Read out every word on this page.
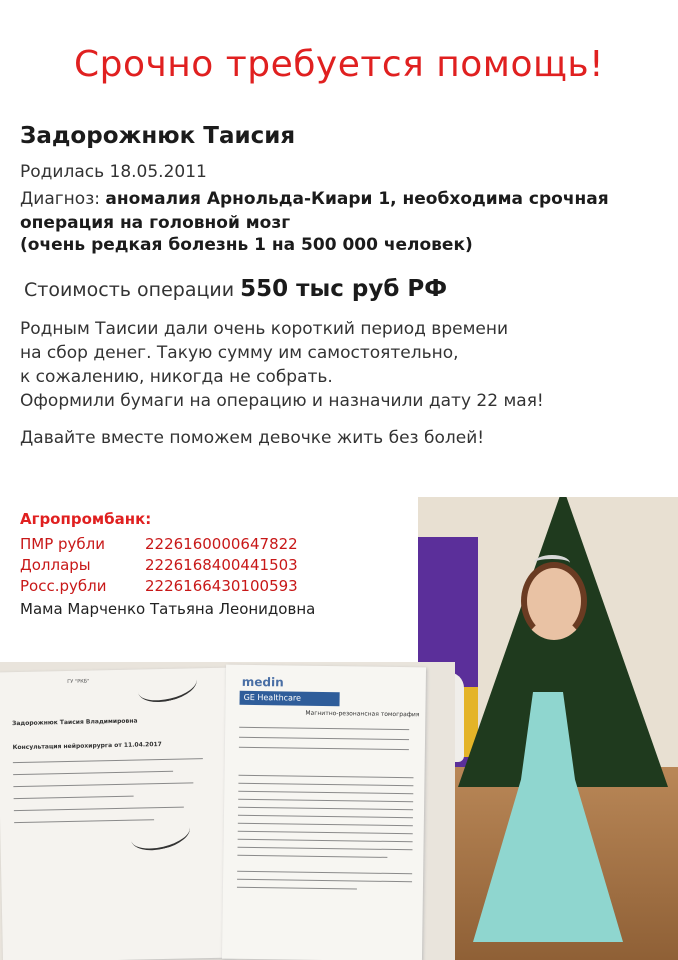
Срочно требуется помощь!
Задорожнюк Таисия
Родилась 18.05.2011
Диагноз: аномалия Арнольда-Киари 1, необходима срочная
операция на головной мозг
(очень редкая болезнь 1 на 500 000 человек)
Стоимость операции 550 тыс руб РФ
Родным Таисии дали очень короткий период времени
на сбор денег. Такую сумму им самостоятельно,
к сожалению, никогда не собрать.
Оформили бумаги на операцию и назначили дату 22 мая!
Давайте вместе поможем девочке жить без болей!
Агропромбанк:
ПМР рубли	2226160000647822
Доллары	2226168400441503
Росс.рубли	2226166430100593
Мама Марченко Татьяна Леонидовна
ГУ "РКБ"
Задорожнюк Таисия Владимировна
Консультация нейрохирурга от 11.04.2017
medin
GE Healthcare
Магнитно-резонансная томография
